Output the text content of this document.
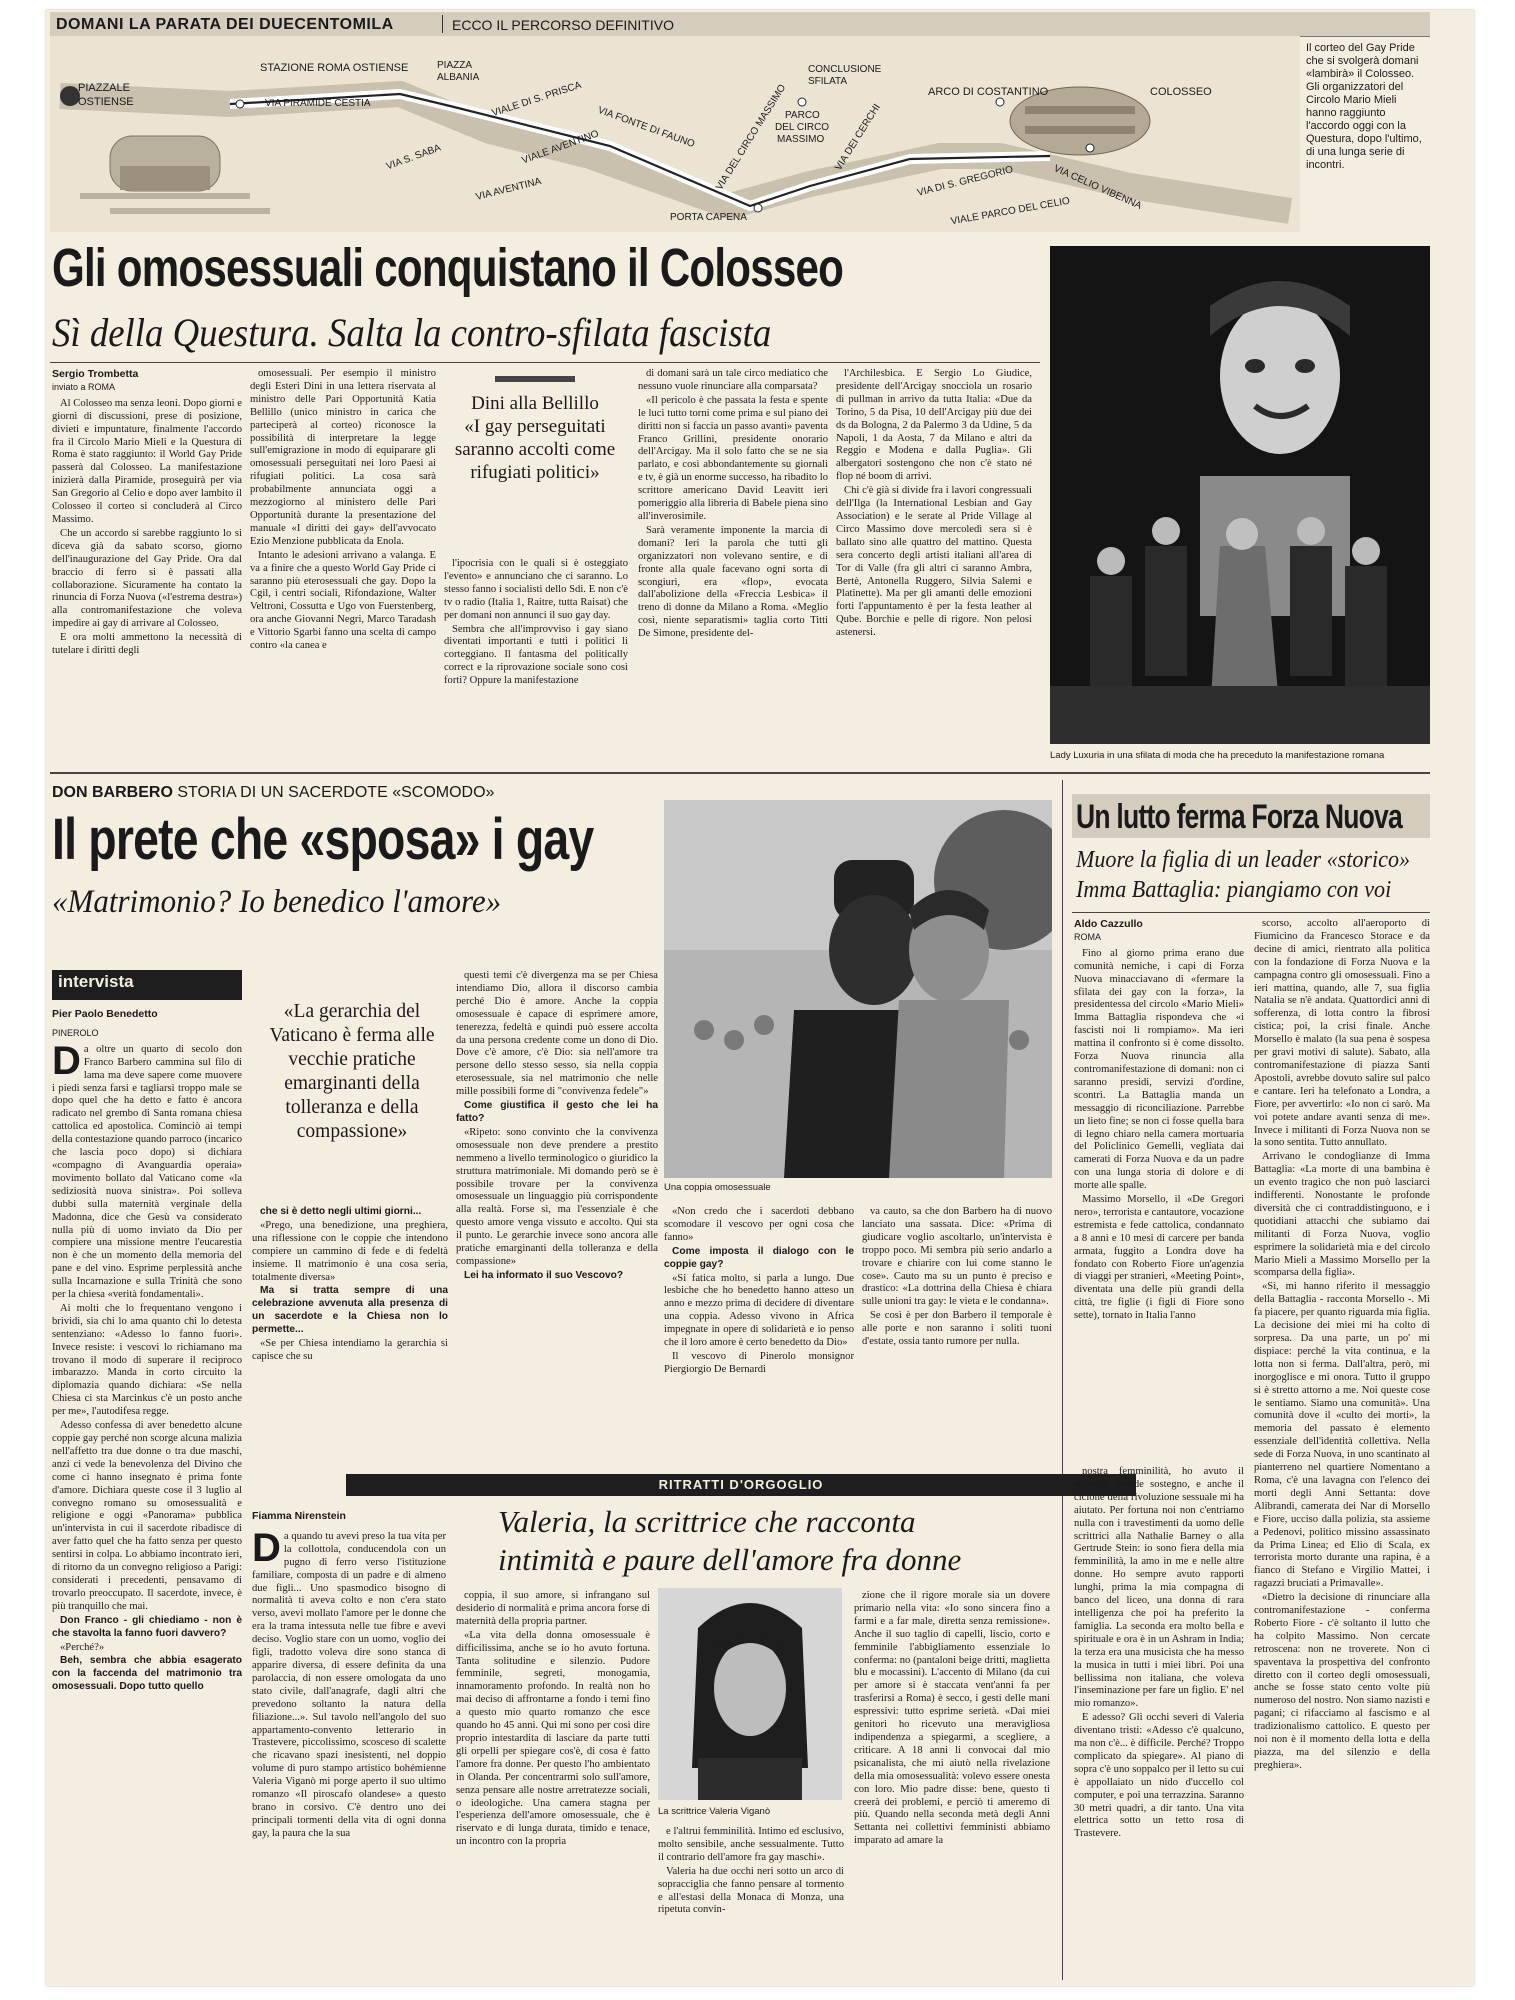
DOMANI LA PARATA DEI DUECENTOMILA	ECCO IL PERCORSO DEFINITIVO
PIAZZALE
OSTIENSE
STAZIONE ROMA OSTIENSE	PIAZZA
ALBANIA
VIA PIRAMIDE CESTIA	VIALE DI S. PRISCA
VIA S. SABA	VIALE AVENTINO
VIA AVENTINA
VIA FONTE DI FAUNO VIA DEL CIRCO MASSIMO
CONCLUSIONE
SFILATA
PARCO
DEL CIRCO
MASSIMO VIA DEI CERCHI
PORTA CAPENA
ARCO DI COSTANTINO	COLOSSEO
VIA DI S. GREGORIO	VIA CELIO VIBENNA
VIALE PARCO DEL CELIO
Il corteo del Gay Pride che si svolgerà domani «lambirà» il Colosseo. Gli organizzatori del Circolo Mario Mieli hanno raggiunto l'accordo oggi con la Questura, dopo l'ultimo, di una lunga serie di incontri.
Gli omosessuali conquistano il Colosseo
Sì della Questura. Salta la contro-sfilata fascista
Sergio Trombetta
inviato a ROMA

Al Colosseo ma senza leoni. Dopo giorni e giorni di discussioni, prese di posizione, divieti e impuntature, finalmente l'accordo fra il Circolo Mario Mieli e la Questura di Roma è stato raggiunto: il World Gay Pride passerà dal Colosseo. La manifestazione inizierà dalla Piramide, proseguirà per via San Gregorio al Celio e dopo aver lambito il Colosseo il corteo si concluderà al Circo Massimo.

Che un accordo si sarebbe raggiunto lo si diceva già da sabato scorso, giorno dell'inaugurazione del Gay Pride. Ora dal braccio di ferro si è passati alla collaborazione. Sicuramente ha contato la rinuncia di Forza Nuova («l'estrema destra») alla contromanifestazione che voleva impedire ai gay di arrivare al Colosseo.

E ora molti ammettono la necessità di tutelare i diritti degli

omosessuali. Per esempio il ministro degli Esteri Dini in una lettera riservata al ministro delle Pari Opportunità Katia Bellillo (unico ministro in carica che parteciperà al corteo) riconosce la possibilità di interpretare la legge sull'emigrazione in modo di equiparare gli omosessuali perseguitati nei loro Paesi ai rifugiati politici. La cosa sarà probabilmente annunciata oggi a mezzogiorno al ministero delle Pari Opportunità durante la presentazione del manuale «I diritti dei gay» dell'avvocato Ezio Menzione pubblicata da Enola.

Intanto le adesioni arrivano a valanga. E va a finire che a questo World Gay Pride ci saranno più eterosessuali che gay. Dopo la Cgil, i centri sociali, Rifondazione, Walter Veltroni, Cossutta e Ugo von Fuerstenberg, ora anche Giovanni Negri, Marco Taradash e Vittorio Sgarbi fanno una scelta di campo contro «la canea e

Dini alla Bellillo
«I gay perseguitati saranno accolti come rifugiati politici»

l'ipocrisia con le quali si è osteggiato l'evento» e annunciano che ci saranno. Lo stesso fanno i socialisti dello Sdi. E non c'è tv o radio (Italia 1, Raitre, tutta Raisat) che per domani non annunci il suo gay day.

Sembra che all'improvviso i gay siano diventati importanti e tutti i politici li corteggiano. Il fantasma del politically correct e la riprovazione sociale sono così forti? Oppure la manifestazione

di domani sarà un tale circo mediatico che nessuno vuole rinunciare alla comparsata?

«Il pericolo è che passata la festa e spente le luci tutto torni come prima e sul piano dei diritti non si faccia un passo avanti» paventa Franco Grillini, presidente onorario dell'Arcigay. Ma il solo fatto che se ne sia parlato, e così abbondantemente su giornali e tv, è già un enorme successo, ha ribadito lo scrittore americano David Leavitt ieri pomeriggio alla libreria di Babele piena sino all'inverosimile.

Sarà veramente imponente la marcia di domani? Ieri la parola che tutti gli organizzatori non volevano sentire, e di fronte alla quale facevano ogni sorta di scongiuri, era «flop», evocata dall'abolizione della «Freccia Lesbica» il treno di donne da Milano a Roma. «Meglio così, niente separatismi» taglia corto Titti De Simone, presidente del-

l'Archilesbica. E Sergio Lo Giudice, presidente dell'Arcigay snocciola un rosario di pullman in arrivo da tutta Italia: «Due da Torino, 5 da Pisa, 10 dell'Arcigay più due dei ds da Bologna, 2 da Palermo 3 da Udine, 5 da Napoli, 1 da Aosta, 7 da Milano e altri da Reggio e Modena e dalla Puglia». Gli albergatori sostengono che non c'è stato né flop né boom di arrivi.

Chi c'è già si divide fra i lavori congressuali dell'Ilga (la International Lesbian and Gay Association) e le serate al Pride Village al Circo Massimo dove mercoledì sera si è ballato sino alle quattro del mattino. Questa sera concerto degli artisti italiani all'area di Tor di Valle (fra gli altri ci saranno Ambra, Bertè, Antonella Ruggero, Silvia Salemi e Platinette). Ma per gli amanti delle emozioni forti l'appuntamento è per la festa leather al Qube. Borchie e pelle di rigore. Non pelosi astenersi.

Lady Luxuria in una sfilata di moda che ha preceduto la manifestazione romana
DON BARBERO STORIA DI UN SACERDOTE «SCOMODO»
Il prete che «sposa» i gay
«Matrimonio? Io benedico l'amore»
intervista
Pier Paolo Benedetto
PINEROLO
D a oltre un quarto di secolo don Franco Barbero cammina sul filo di lama ma deve sapere come muovere i piedi senza farsi e tagliarsi troppo male se dopo quel che ha detto e fatto è ancora radicato nel grembo di Santa romana chiesa cattolica ed apostolica. Cominciò ai tempi della contestazione quando parroco (incarico che lascia poco dopo) si dichiara «compagno di Avanguardia operaia» movimento bollato dal Vaticano come «la sediziosità nuova sinistra». Poi solleva dubbi sulla maternità verginale della Madonna, dice che Gesù va considerato nulla più di uomo inviato da Dio per compiere una missione mentre l'eucarestia non è che un momento della memoria del pane e del vino. Esprime perplessità anche sulla Incarnazione e sulla Trinità che sono per la chiesa «verità fondamentali».

Ai molti che lo frequentano vengono i brividi, sia chi lo ama quanto chi lo detesta sentenziano: «Adesso lo fanno fuori». Invece resiste: i vescovi lo richiamano ma trovano il modo di superare il reciproco imbarazzo. Manda in corto circuito la diplomazia quando dichiara: «Se nella Chiesa ci sta Marcinkus c'è un posto anche per me», l'autodifesa regge.

Adesso confessa di aver benedetto alcune coppie gay perché non scorge alcuna malizia nell'affetto tra due donne o tra due maschi, anzi ci vede la benevolenza del Divino che come ci hanno insegnato è prima fonte d'amore. Dichiara queste cose il 3 luglio al convegno romano su omosessualità e religione e oggi «Panorama» pubblica un'intervista in cui il sacerdote ribadisce di aver fatto quel che ha fatto senza per questo sentirsi in colpa. Lo abbiamo incontrato ieri, di ritorno da un convegno religioso a Parigi: considerati i precedenti, pensavamo di trovarlo preoccupato. Il sacerdote, invece, è più tranquillo che mai.

Don Franco - gli chiediamo - non è che stavolta la fanno fuori davvero?

«Perché?»

Beh, sembra che abbia esagerato con la faccenda del matrimonio tra omosessuali. Dopo tutto quello

«La gerarchia del Vaticano è ferma alle vecchie pratiche emarginanti della tolleranza e della compassione»

che si è detto negli ultimi giorni...

«Prego, una benedizione, una preghiera, una riflessione con le coppie che intendono compiere un cammino di fede e di fedeltà insieme. Il matrimonio è una cosa seria, totalmente diversa»

Ma si tratta sempre di una celebrazione avvenuta alla presenza di un sacerdote e la Chiesa non lo permette...

«Se per Chiesa intendiamo la gerarchia si capisce che su

questi temi c'è divergenza ma se per Chiesa intendiamo Dio, allora il discorso cambia perché Dio è amore. Anche la coppia omosessuale è capace di esprimere amore, tenerezza, fedeltà e quindi può essere accolta da una persona credente come un dono di Dio. Dove c'è amore, c'è Dio: sia nell'amore tra persone dello stesso sesso, sia nella coppia eterosessuale, sia nel matrimonio che nelle mille possibili forme di "convivenza fedele"»

Come giustifica il gesto che lei ha fatto?

«Ripeto: sono convinto che la convivenza omosessuale non deve prendere a prestito nemmeno a livello terminologico o giuridico la struttura matrimoniale. Mi domando però se è possibile trovare per la convivenza omosessuale un linguaggio più corrispondente alla realtà. Forse sì, ma l'essenziale è che questo amore venga vissuto e accolto. Qui sta il punto. Le gerarchie invece sono ancora alle pratiche emarginanti della tolleranza e della compassione»

Lei ha informato il suo Vescovo?

Una coppia omosessuale

«Non credo che i sacerdoti debbano scomodare il vescovo per ogni cosa che fanno»

Come imposta il dialogo con le coppie gay?

«Si fatica molto, si parla a lungo. Due lesbiche che ho benedetto hanno atteso un anno e mezzo prima di decidere di diventare una coppia. Adesso vivono in Africa impegnate in opere di solidarietà e io penso che il loro amore è certo benedetto da Dio»

Il vescovo di Pinerolo monsignor Piergiorgio De Bernardi

va cauto, sa che don Barbero ha di nuovo lanciato una sassata. Dice: «Prima di giudicare voglio ascoltarlo, un'intervista è troppo poco. Mi sembra più serio andarlo a trovare e chiarire con lui come stanno le cose». Cauto ma su un punto è preciso e drastico: «La dottrina della Chiesa è chiara sulle unioni tra gay: le vieta e le condanna».

Se così è per don Barbero il temporale è alle porte e non saranno i soliti tuoni d'estate, ossia tanto rumore per nulla.

Un lutto ferma Forza Nuova
Muore la figlia di un leader «storico»
Imma Battaglia: piangiamo con voi
Aldo Cazzullo
ROMA

Fino al giorno prima erano due comunità nemiche, i capi di Forza Nuova minacciavano di «fermare la sfilata dei gay con la forza», la presidentessa del circolo «Mario Mieli» Imma Battaglia rispondeva che «i fascisti noi li rompiamo». Ma ieri mattina il confronto si è come dissolto. Forza Nuova rinuncia alla contromanifestazione di domani: non ci saranno presidi, servizi d'ordine, scontri. La Battaglia manda un messaggio di riconciliazione. Parrebbe un lieto fine; se non ci fosse quella bara di legno chiaro nella camera mortuaria del Policlinico Gemelli, vegliata dai camerati di Forza Nuova e da un padre con una lunga storia di dolore e di morte alle spalle.

Massimo Morsello, il «De Gregori nero», terrorista e cantautore, vocazione estremista e fede cattolica, condannato a 8 anni e 10 mesi di carcere per banda armata, fuggito a Londra dove ha fondato con Roberto Fiore un'agenzia di viaggi per stranieri, «Meeting Point», diventata una delle più grandi della città, tre figlie (i figli di Fiore sono sette), tornato in Italia l'anno

scorso, accolto all'aeroporto di Fiumicino da Francesco Storace e da decine di amici, rientrato alla politica con la fondazione di Forza Nuova e la campagna contro gli omosessuali. Fino a ieri mattina, quando, alle 7, sua figlia Natalia se n'è andata. Quattordici anni di sofferenza, di lotta contro la fibrosi cistica; poi, la crisi finale. Anche Morsello è malato (la sua pena è sospesa per gravi motivi di salute). Sabato, alla contromanifestazione di piazza Santi Apostoli, avrebbe dovuto salire sul palco e cantare. Ieri ha telefonato a Londra, a Fiore, per avvertirlo: «Io non ci sarò. Ma voi potete andare avanti senza di me». Invece i militanti di Forza Nuova non se la sono sentita. Tutto annullato.

Arrivano le condoglianze di Imma Battaglia: «La morte di una bambina è un evento tragico che non può lasciarci indifferenti. Nonostante le profonde diversità che ci contraddistinguono, e i quotidiani attacchi che subiamo dai militanti di Forza Nuova, voglio esprimere la solidarietà mia e del circolo Mario Mieli a Massimo Morsello per la scomparsa della figlia».

«Sì, mi hanno riferito il messaggio della Battaglia - racconta Morsello -. Mi fa piacere, per quanto riguarda mia figlia. La decisione dei miei mi ha colto di sorpresa. Da una parte, un po' mi dispiace: perché la vita continua, e la lotta non si ferma. Dall'altra, però, mi inorgoglisce e mi onora. Tutto il gruppo si è stretto attorno a me. Noi queste cose le sentiamo. Siamo una comunità». Una comunità dove il «culto dei morti», la memoria del passato è elemento essenziale dell'identità collettiva. Nella sede di Forza Nuova, in uno scantinato al pianterreno nel quartiere Nomentano a Roma, c'è una lavagna con l'elenco dei morti degli Anni Settanta: dove Alibrandi, camerata dei Nar di Morsello e Fiore, ucciso dalla polizia, sta assieme a Pedenovi, politico missino assassinato da Prima Linea; ed Elio di Scala, ex terrorista morto durante una rapina, è a fianco di Stefano e Virgilio Mattei, i ragazzi bruciati a Primavalle».

«Dietro la decisione di rinunciare alla contromanifestazione - conferma Roberto Fiore - c'è soltanto il lutto che ha colpito Massimo. Non cercate retroscena: non ne troverete. Non ci spaventava la prospettiva del confronto diretto con il corteo degli omosessuali, anche se fosse stato cento volte più numeroso del nostro. Non siamo nazisti e pagani; ci rifacciamo al fascismo e al tradizionalismo cattolico. E questo per noi non è il momento della lotta e della piazza, ma del silenzio e della preghiera».

RITRATTI D'ORGOGLIO
Valeria, la scrittrice che racconta
intimità e paure dell'amore fra donne
Fiamma Nirenstein
D a quando tu avevi preso la tua vita per la collottola, conducendola con un pugno di ferro verso l'istituzione familiare, composta di un padre e di almeno due figli... Uno spasmodico bisogno di normalità ti aveva colto e non c'era stato verso, avevi mollato l'amore per le donne che era la trama intessuta nelle tue fibre e avevi deciso. Voglio stare con un uomo, voglio dei figli, tradotto voleva dire sono stanca di apparire diversa, di essere definita da una parolaccia, di non essere omologata da uno stato civile, dall'anagrafe, dagli altri che prevedono soltanto la natura della filiazione...». Sul tavolo nell'angolo del suo appartamento-convento letterario in Trastevere, piccolissimo, scosceso di scalette che ricavano spazi inesistenti, nel doppio volume di puro stampo artistico bohémienne Valeria Viganò mi porge aperto il suo ultimo romanzo «Il piroscafo olandese» a questo brano in corsivo. C'è dentro uno dei principali tormenti della vita di ogni donna gay, la paura che la sua

coppia, il suo amore, si infrangano sul desiderio di normalità e prima ancora forse di maternità della propria partner.

«La vita della donna omosessuale è difficilissima, anche se io ho avuto fortuna. Tanta solitudine e silenzio. Pudore femminile, segreti, monogamia, innamoramento profondo. In realtà non ho mai deciso di affrontarne a fondo i temi fino a questo mio quarto romanzo che esce quando ho 45 anni. Qui mi sono per così dire proprio intestardita di lasciare da parte tutti gli orpelli per spiegare cos'è, di cosa è fatto l'amore fra donne. Per questo l'ho ambientato in Olanda. Per concentrarmi solo sull'amore, senza pensare alle nostre arretratezze sociali, o ideologiche. Una camera stagna per l'esperienza dell'amore omosessuale, che è riservato e di lunga durata, timido e tenace, un incontro con la propria

La scrittrice Valeria Viganò

e l'altrui femminilità. Intimo ed esclusivo, molto sensibile, anche sessualmente. Tutto il contrario dell'amore fra gay maschi».

Valeria ha due occhi neri sotto un arco di sopracciglia che fanno pensare al tormento e all'estasi della Monaca di Monza, una ripetuta convin-

zione che il rigore morale sia un dovere primario nella vita: «Io sono sincera fino a farmi e a far male, diretta senza remissione». Anche il suo taglio di capelli, liscio, corto e femminile l'abbigliamento essenziale lo conferma: no (pantaloni beige dritti, maglietta blu e mocassini). L'accento di Milano (da cui per amore si è staccata vent'anni fa per trasferirsi a Roma) è secco, i gesti delle mani espressivi: tutto esprime serietà. «Dai miei genitori ho ricevuto una meravigliosa indipendenza a spiegarmi, a scegliere, a criticare. A 18 anni li convocai dal mio psicanalista, che mi aiutò nella rivelazione della mia omosessualità: volevo essere onesta con loro. Mio padre disse: bene, questo ti creerà dei problemi, e perciò ti ameremo di più. Quando nella seconda metà degli Anni Settanta nei collettivi femministi abbiamo imparato ad amare la

nostra femminilità, ho avuto il secondo grande sostegno, e anche il ciclone della rivoluzione sessuale mi ha aiutato. Per fortuna noi non c'entriamo nulla con i travestimenti da uomo delle scrittrici alla Nathalie Barney o alla Gertrude Stein: io sono fiera della mia femminilità, la amo in me e nelle altre donne. Ho sempre avuto rapporti lunghi, prima la mia compagna di banco del liceo, una donna di rara intelligenza che poi ha preferito la famiglia. La seconda era molto bella e spirituale e ora è in un Ashram in India; la terza era una musicista che ha messo la musica in tutti i miei libri. Poi una bellissima non italiana, che voleva l'inseminazione per fare un figlio. E' nel mio romanzo».

E adesso? Gli occhi severi di Valeria diventano tristi: «Adesso c'è qualcuno, ma non c'è... è difficile. Perché? Troppo complicato da spiegare». Al piano di sopra c'è uno soppalco per il letto su cui è appollaiato un nido d'uccello col computer, e poi una terrazzina. Saranno 30 metri quadri, a dir tanto. Una vita elettrica sotto un tetto rosa di Trastevere.
